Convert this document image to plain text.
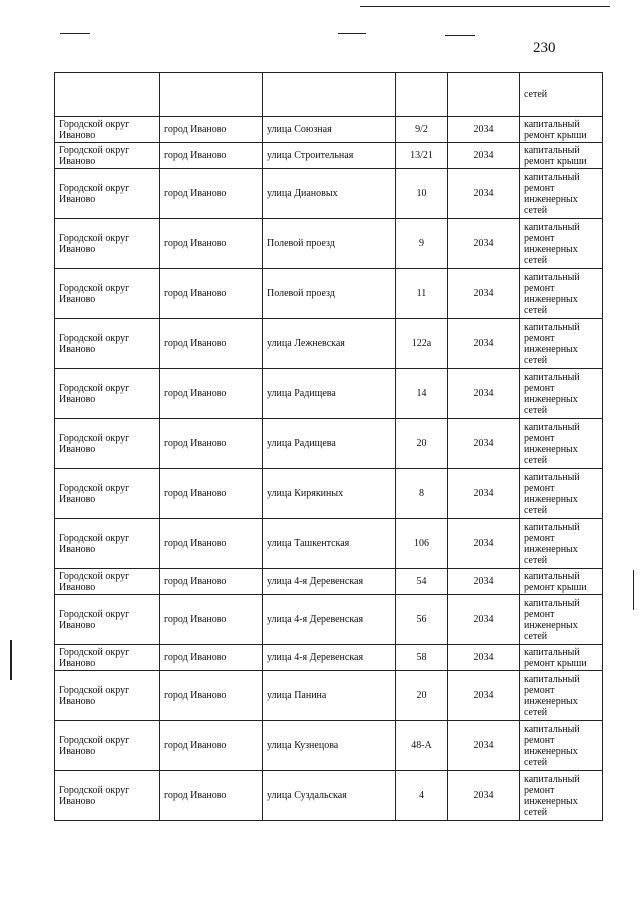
230
					сетей
Городской округ Иваново	город Иваново	улица Союзная	9/2	2034	капитальный ремонт крыши
Городской округ Иваново	город Иваново	улица Строительная	13/21	2034	капитальный ремонт крыши
Городской округ Иваново	город Иваново	улица Диановых	10	2034	капитальный ремонт инженерных сетей
Городской округ Иваново	город Иваново	Полевой проезд	9	2034	капитальный ремонт инженерных сетей
Городской округ Иваново	город Иваново	Полевой проезд	11	2034	капитальный ремонт инженерных сетей
Городской округ Иваново	город Иваново	улица Лежневская	122а	2034	капитальный ремонт инженерных сетей
Городской округ Иваново	город Иваново	улица Радищева	14	2034	капитальный ремонт инженерных сетей
Городской округ Иваново	город Иваново	улица Радищева	20	2034	капитальный ремонт инженерных сетей
Городской округ Иваново	город Иваново	улица Кирякиных	8	2034	капитальный ремонт инженерных сетей
Городской округ Иваново	город Иваново	улица Ташкентская	106	2034	капитальный ремонт инженерных сетей
Городской округ Иваново	город Иваново	улица 4-я Деревенская	54	2034	капитальный ремонт крыши
Городской округ Иваново	город Иваново	улица 4-я Деревенская	56	2034	капитальный ремонт инженерных сетей
Городской округ Иваново	город Иваново	улица 4-я Деревенская	58	2034	капитальный ремонт крыши
Городской округ Иваново	город Иваново	улица Панина	20	2034	капитальный ремонт инженерных сетей
Городской округ Иваново	город Иваново	улица Кузнецова	48-А	2034	капитальный ремонт инженерных сетей
Городской округ Иваново	город Иваново	улица Суздальская	4	2034	капитальный ремонт инженерных сетей
